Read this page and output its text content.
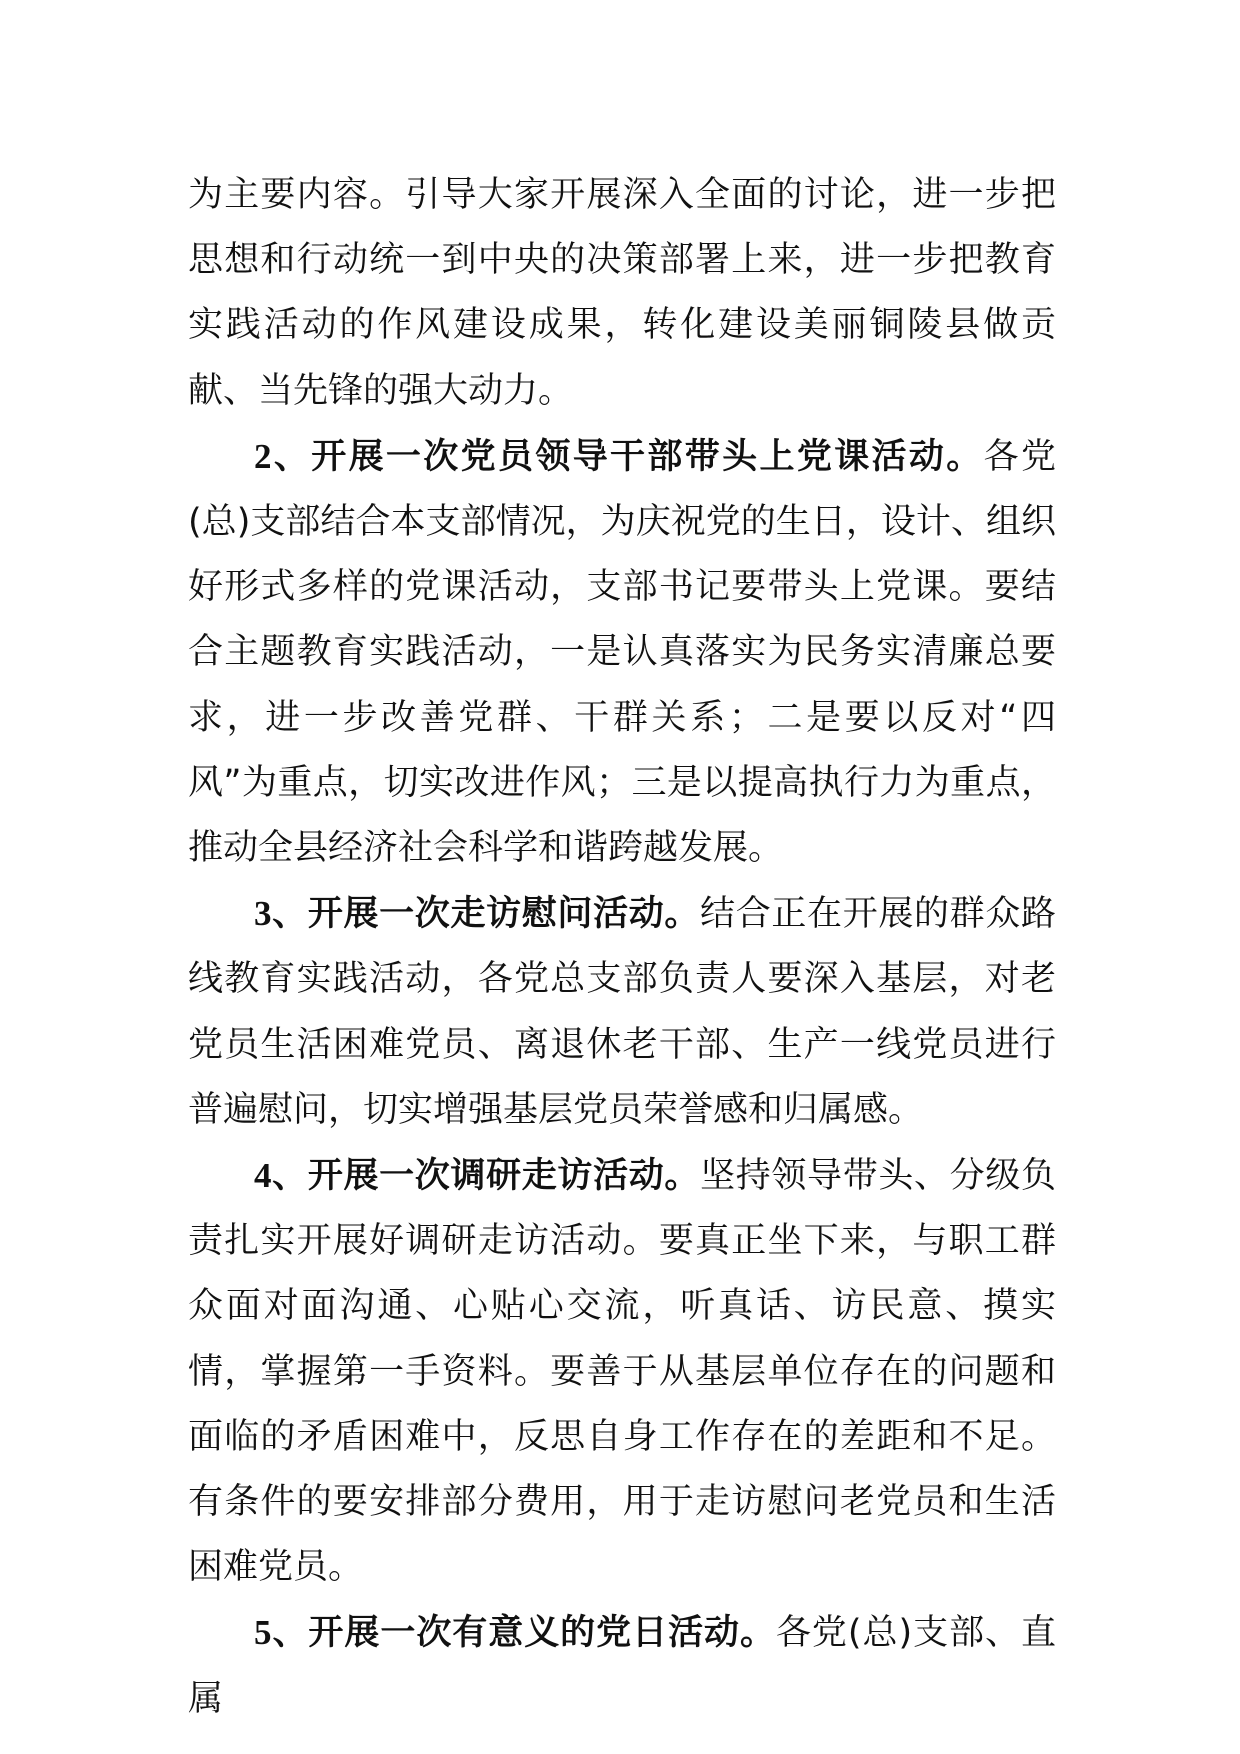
为主要内容。引导大家开展深入全面的讨论，进一步把思想和行动统一到中央的决策部署上来，进一步把教育实践活动的作风建设成果，转化建设美丽铜陵县做贡献、当先锋的强大动力。

2、开展一次党员领导干部带头上党课活动。各党(总)支部结合本支部情况，为庆祝党的生日，设计、组织好形式多样的党课活动，支部书记要带头上党课。要结合主题教育实践活动，一是认真落实为民务实清廉总要求，进一步改善党群、干群关系；二是要以反对“四风”为重点，切实改进作风；三是以提高执行力为重点，推动全县经济社会科学和谐跨越发展。

3、开展一次走访慰问活动。结合正在开展的群众路线教育实践活动，各党总支部负责人要深入基层，对老党员生活困难党员、离退休老干部、生产一线党员进行普遍慰问，切实增强基层党员荣誉感和归属感。

4、开展一次调研走访活动。坚持领导带头、分级负责扎实开展好调研走访活动。要真正坐下来，与职工群众面对面沟通、心贴心交流，听真话、访民意、摸实情，掌握第一手资料。要善于从基层单位存在的问题和面临的矛盾困难中，反思自身工作存在的差距和不足。有条件的要安排部分费用，用于走访慰问老党员和生活困难党员。

5、开展一次有意义的党日活动。各党(总)支部、直属
